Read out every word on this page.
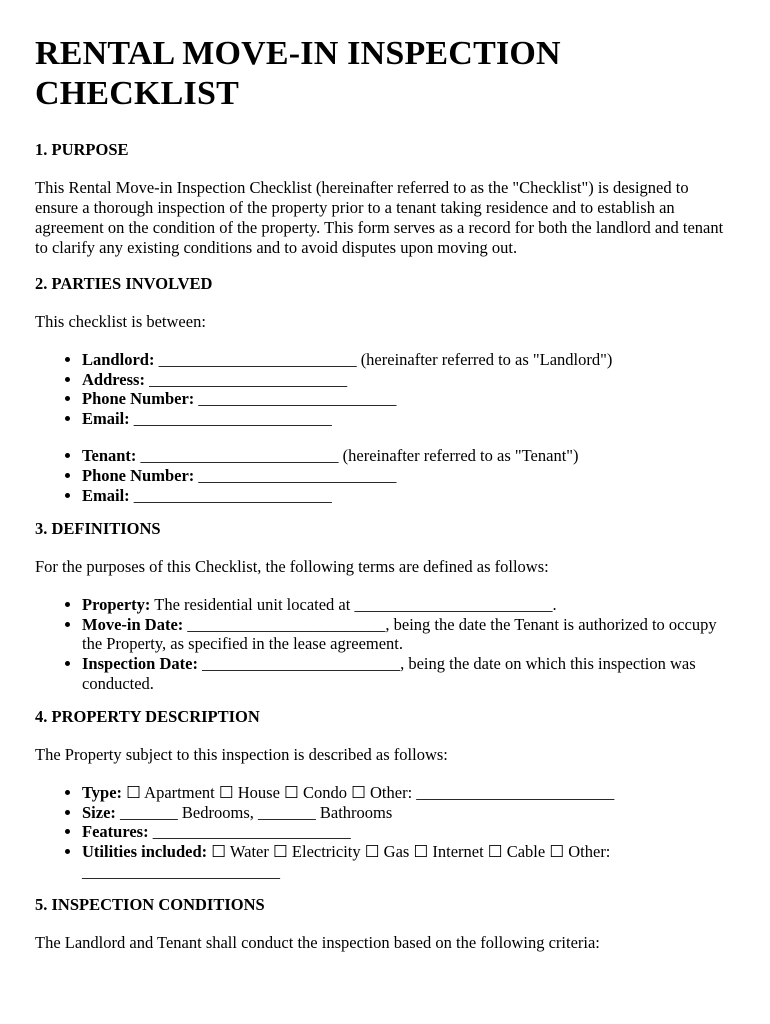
RENTAL MOVE-IN INSPECTION CHECKLIST
1. PURPOSE

This Rental Move-in Inspection Checklist (hereinafter referred to as the "Checklist") is designed to ensure a thorough inspection of the property prior to a tenant taking residence and to establish an agreement on the condition of the property. This form serves as a record for both the landlord and tenant to clarify any existing conditions and to avoid disputes upon moving out.

2. PARTIES INVOLVED

This checklist is between:

• Landlord: ________________________ (hereinafter referred to as "Landlord")
• Address: ________________________
• Phone Number: ________________________
• Email: ________________________
• Tenant: ________________________ (hereinafter referred to as "Tenant")
• Phone Number: ________________________
• Email: ________________________
3. DEFINITIONS

For the purposes of this Checklist, the following terms are defined as follows:

• Property: The residential unit located at ________________________.
• Move-in Date: ________________________, being the date the Tenant is authorized to occupy the Property, as specified in the lease agreement.
• Inspection Date: ________________________, being the date on which this inspection was conducted.
4. PROPERTY DESCRIPTION

The Property subject to this inspection is described as follows:

• Type: ☐ Apartment ☐ House ☐ Condo ☐ Other: ________________________
• Size: _______ Bedrooms, _______ Bathrooms
• Features: ________________________
• Utilities included: ☐ Water ☐ Electricity ☐ Gas ☐ Internet ☐ Cable ☐ Other: ________________________
5. INSPECTION CONDITIONS

The Landlord and Tenant shall conduct the inspection based on the following criteria:
